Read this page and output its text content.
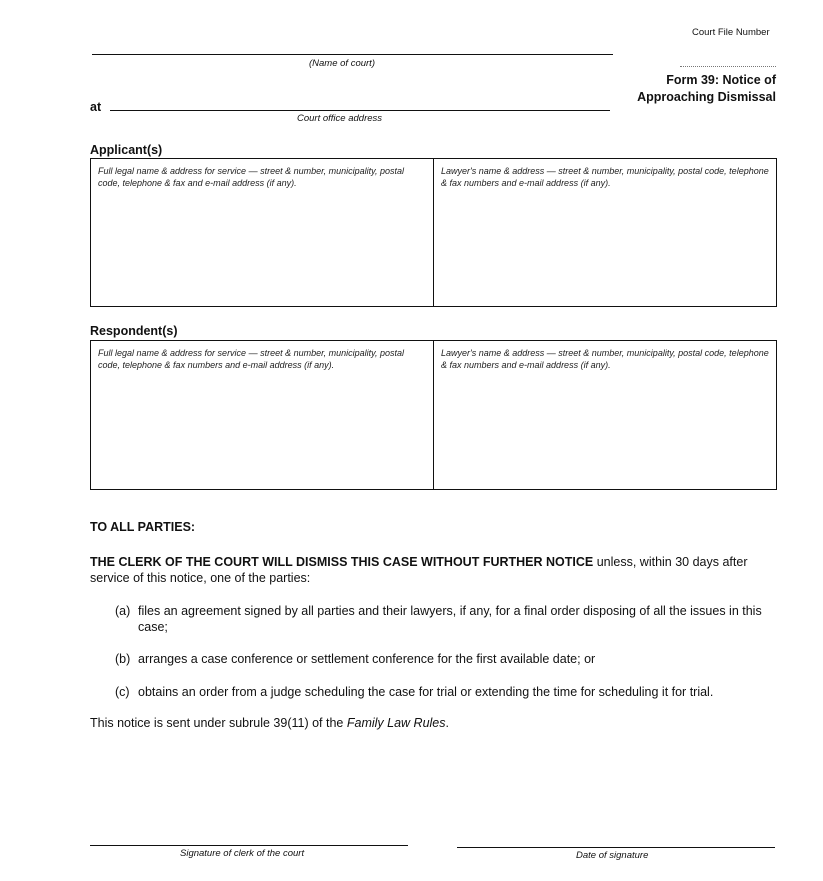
Court File Number
(Name of court)
at
Court office address
Form 39: Notice of
Approaching Dismissal
Applicant(s)
Full legal name & address for service — street & number, municipality, postal code, telephone & fax and e-mail address (if any).
Lawyer's name & address — street & number, municipality, postal code, telephone & fax numbers and e-mail address (if any).
Respondent(s)
Full legal name & address for service — street & number, municipality, postal code, telephone & fax numbers and e-mail address (if any).
Lawyer's name & address — street & number, municipality, postal code, telephone & fax numbers and e-mail address (if any).
TO ALL PARTIES:
THE CLERK OF THE COURT WILL DISMISS THIS CASE WITHOUT FURTHER NOTICE unless, within 30 days after service of this notice, one of the parties:
(a) files an agreement signed by all parties and their lawyers, if any, for a final order disposing of all the issues in this case;
(b) arranges a case conference or settlement conference for the first available date; or
(c) obtains an order from a judge scheduling the case for trial or extending the time for scheduling it for trial.
This notice is sent under subrule 39(11) of the Family Law Rules.
Signature of clerk of the court	Date of signature
